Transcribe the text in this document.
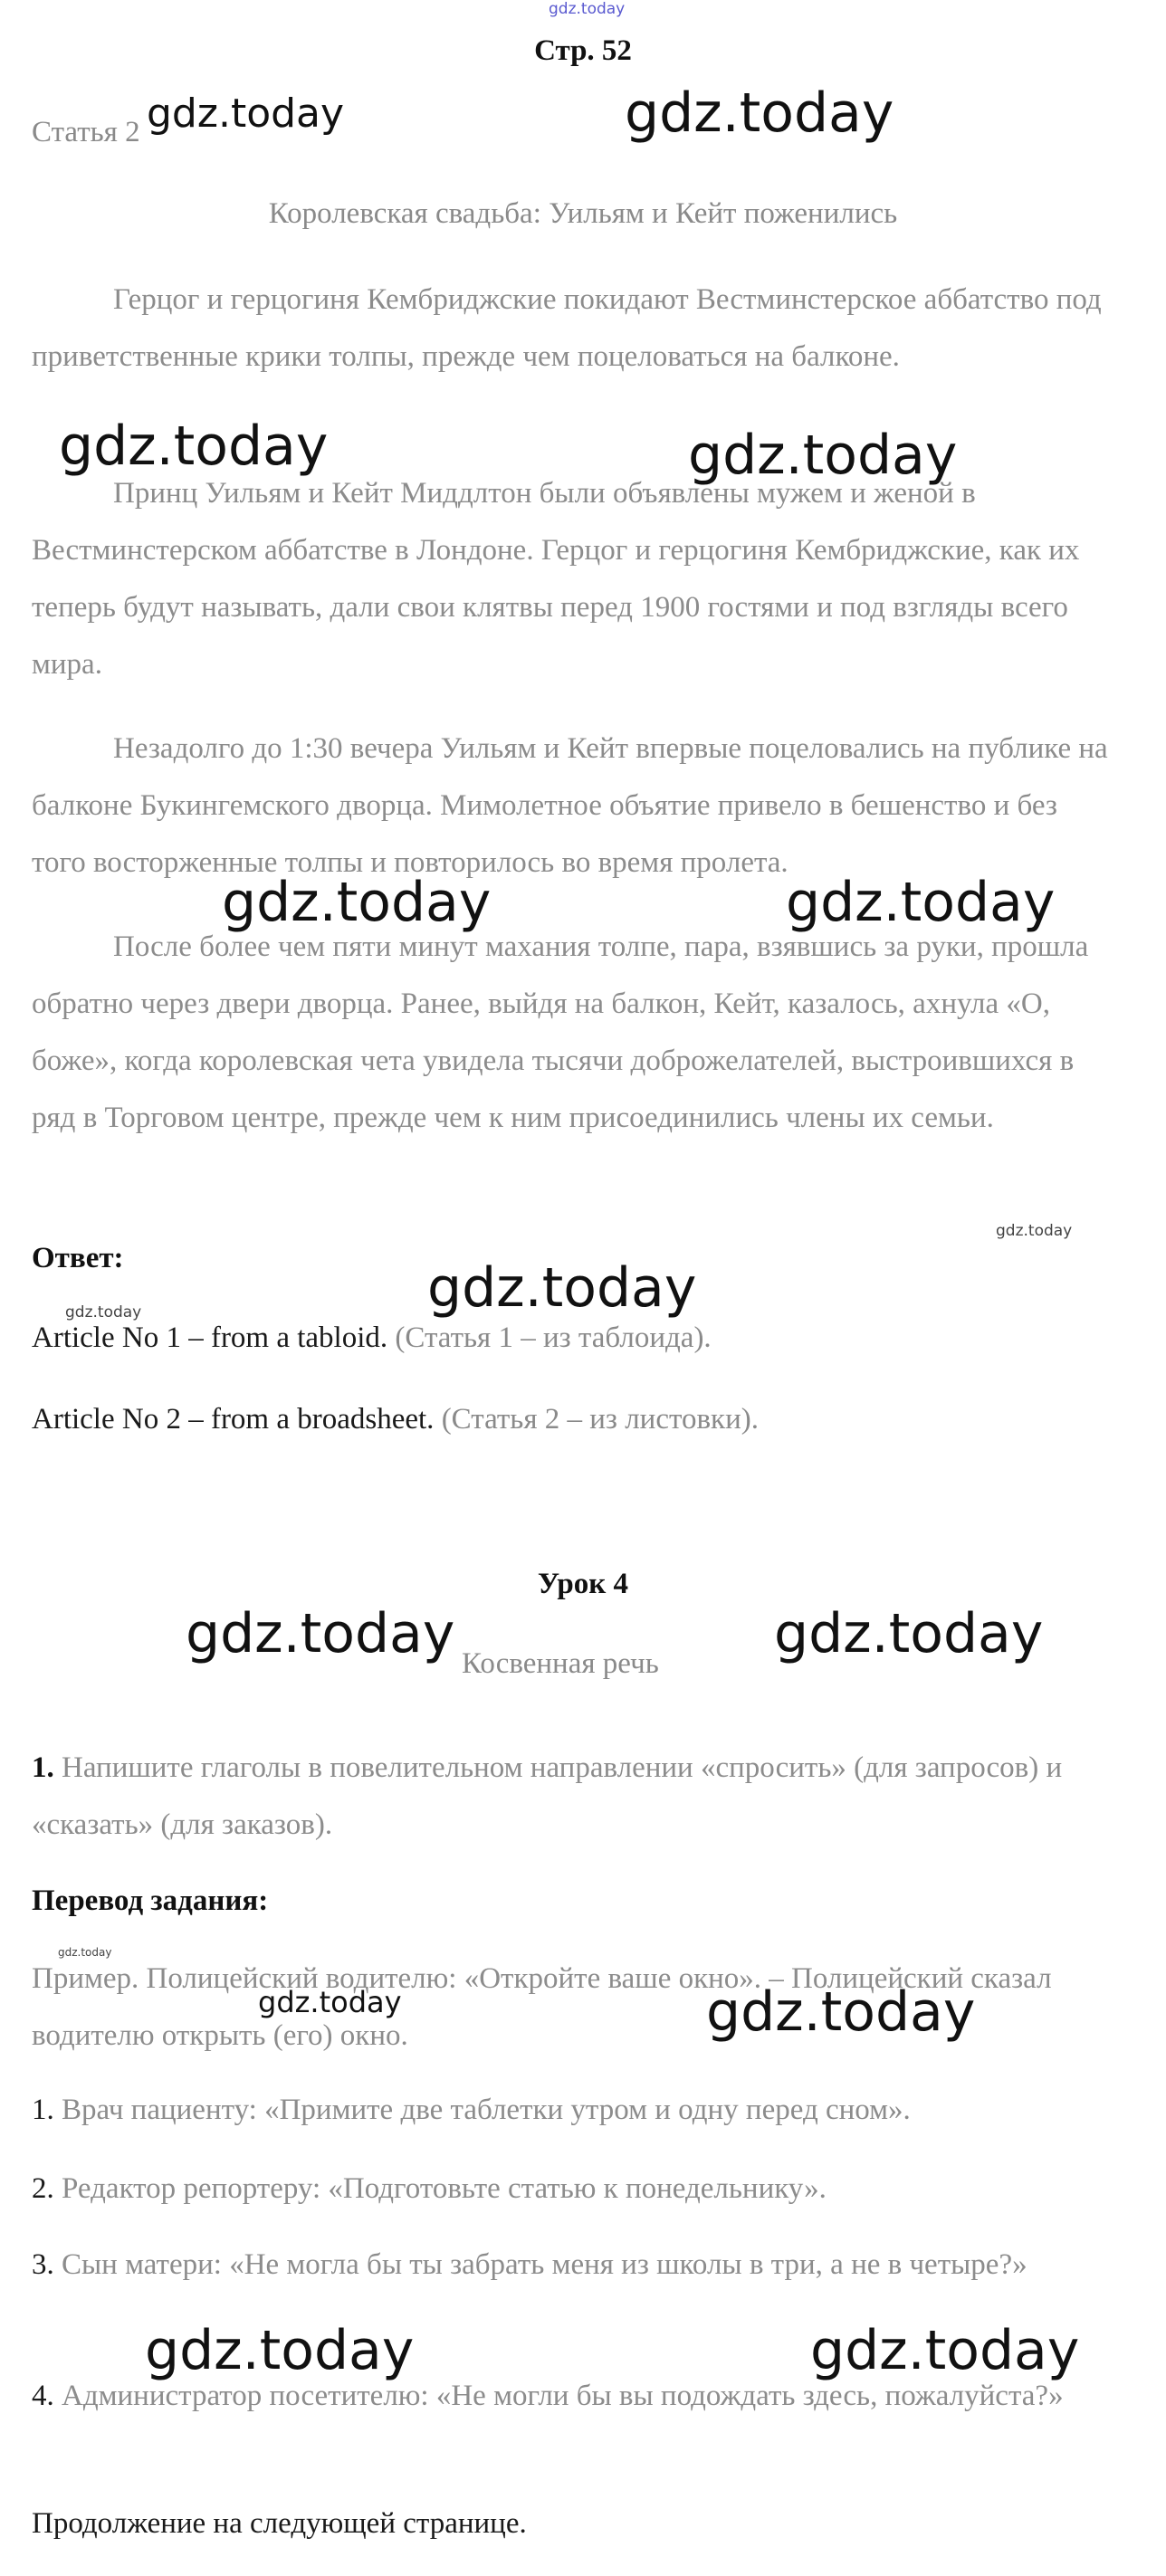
gdz.today
Стр. 52
Статья 2
Королевская свадьба: Уильям и Кейт поженились
Герцог и герцогиня Кембриджские покидают Вестминстерское аббатство под приветственные крики толпы, прежде чем поцеловаться на балконе.
Принц Уильям и Кейт Миддлтон были объявлены мужем и женой в Вестминстерском аббатстве в Лондоне. Герцог и герцогиня Кембриджские, как их теперь будут называть, дали свои клятвы перед 1900 гостями и под взгляды всего мира.
Незадолго до 1:30 вечера Уильям и Кейт впервые поцеловались на публике на балконе Букингемского дворца. Мимолетное объятие привело в бешенство и без того восторженные толпы и повторилось во время пролета.
После более чем пяти минут махания толпе, пара, взявшись за руки, прошла обратно через двери дворца. Ранее, выйдя на балкон, Кейт, казалось, ахнула «О, боже», когда королевская чета увидела тысячи доброжелателей, выстроившихся в ряд в Торговом центре, прежде чем к ним присоединились члены их семьи.
Ответ:
Article No 1 – from a tabloid. (Статья 1 – из таблоида).
Article No 2 – from a broadsheet. (Статья 2 – из листовки).
Урок 4
Косвенная речь
1. Напишите глаголы в повелительном направлении «спросить» (для запросов) и «сказать» (для заказов).
Перевод задания:
Пример. Полицейский водителю: «Откройте ваше окно». – Полицейский сказал водителю открыть (его) окно.
1. Врач пациенту: «Примите две таблетки утром и одну перед сном».
2. Редактор репортеру: «Подготовьте статью к понедельнику».
3. Сын матери: «Не могла бы ты забрать меня из школы в три, а не в четыре?»
4. Администратор посетителю: «Не могли бы вы подождать здесь, пожалуйста?»
Продолжение на следующей странице.
gdz.today	gdz.today
gdz.today	gdz.today
gdz.today	gdz.today
gdz.today
gdz.today
gdz.today
gdz.today	gdz.today
gdz.today
gdz.today	gdz.today
gdz.today	gdz.today
